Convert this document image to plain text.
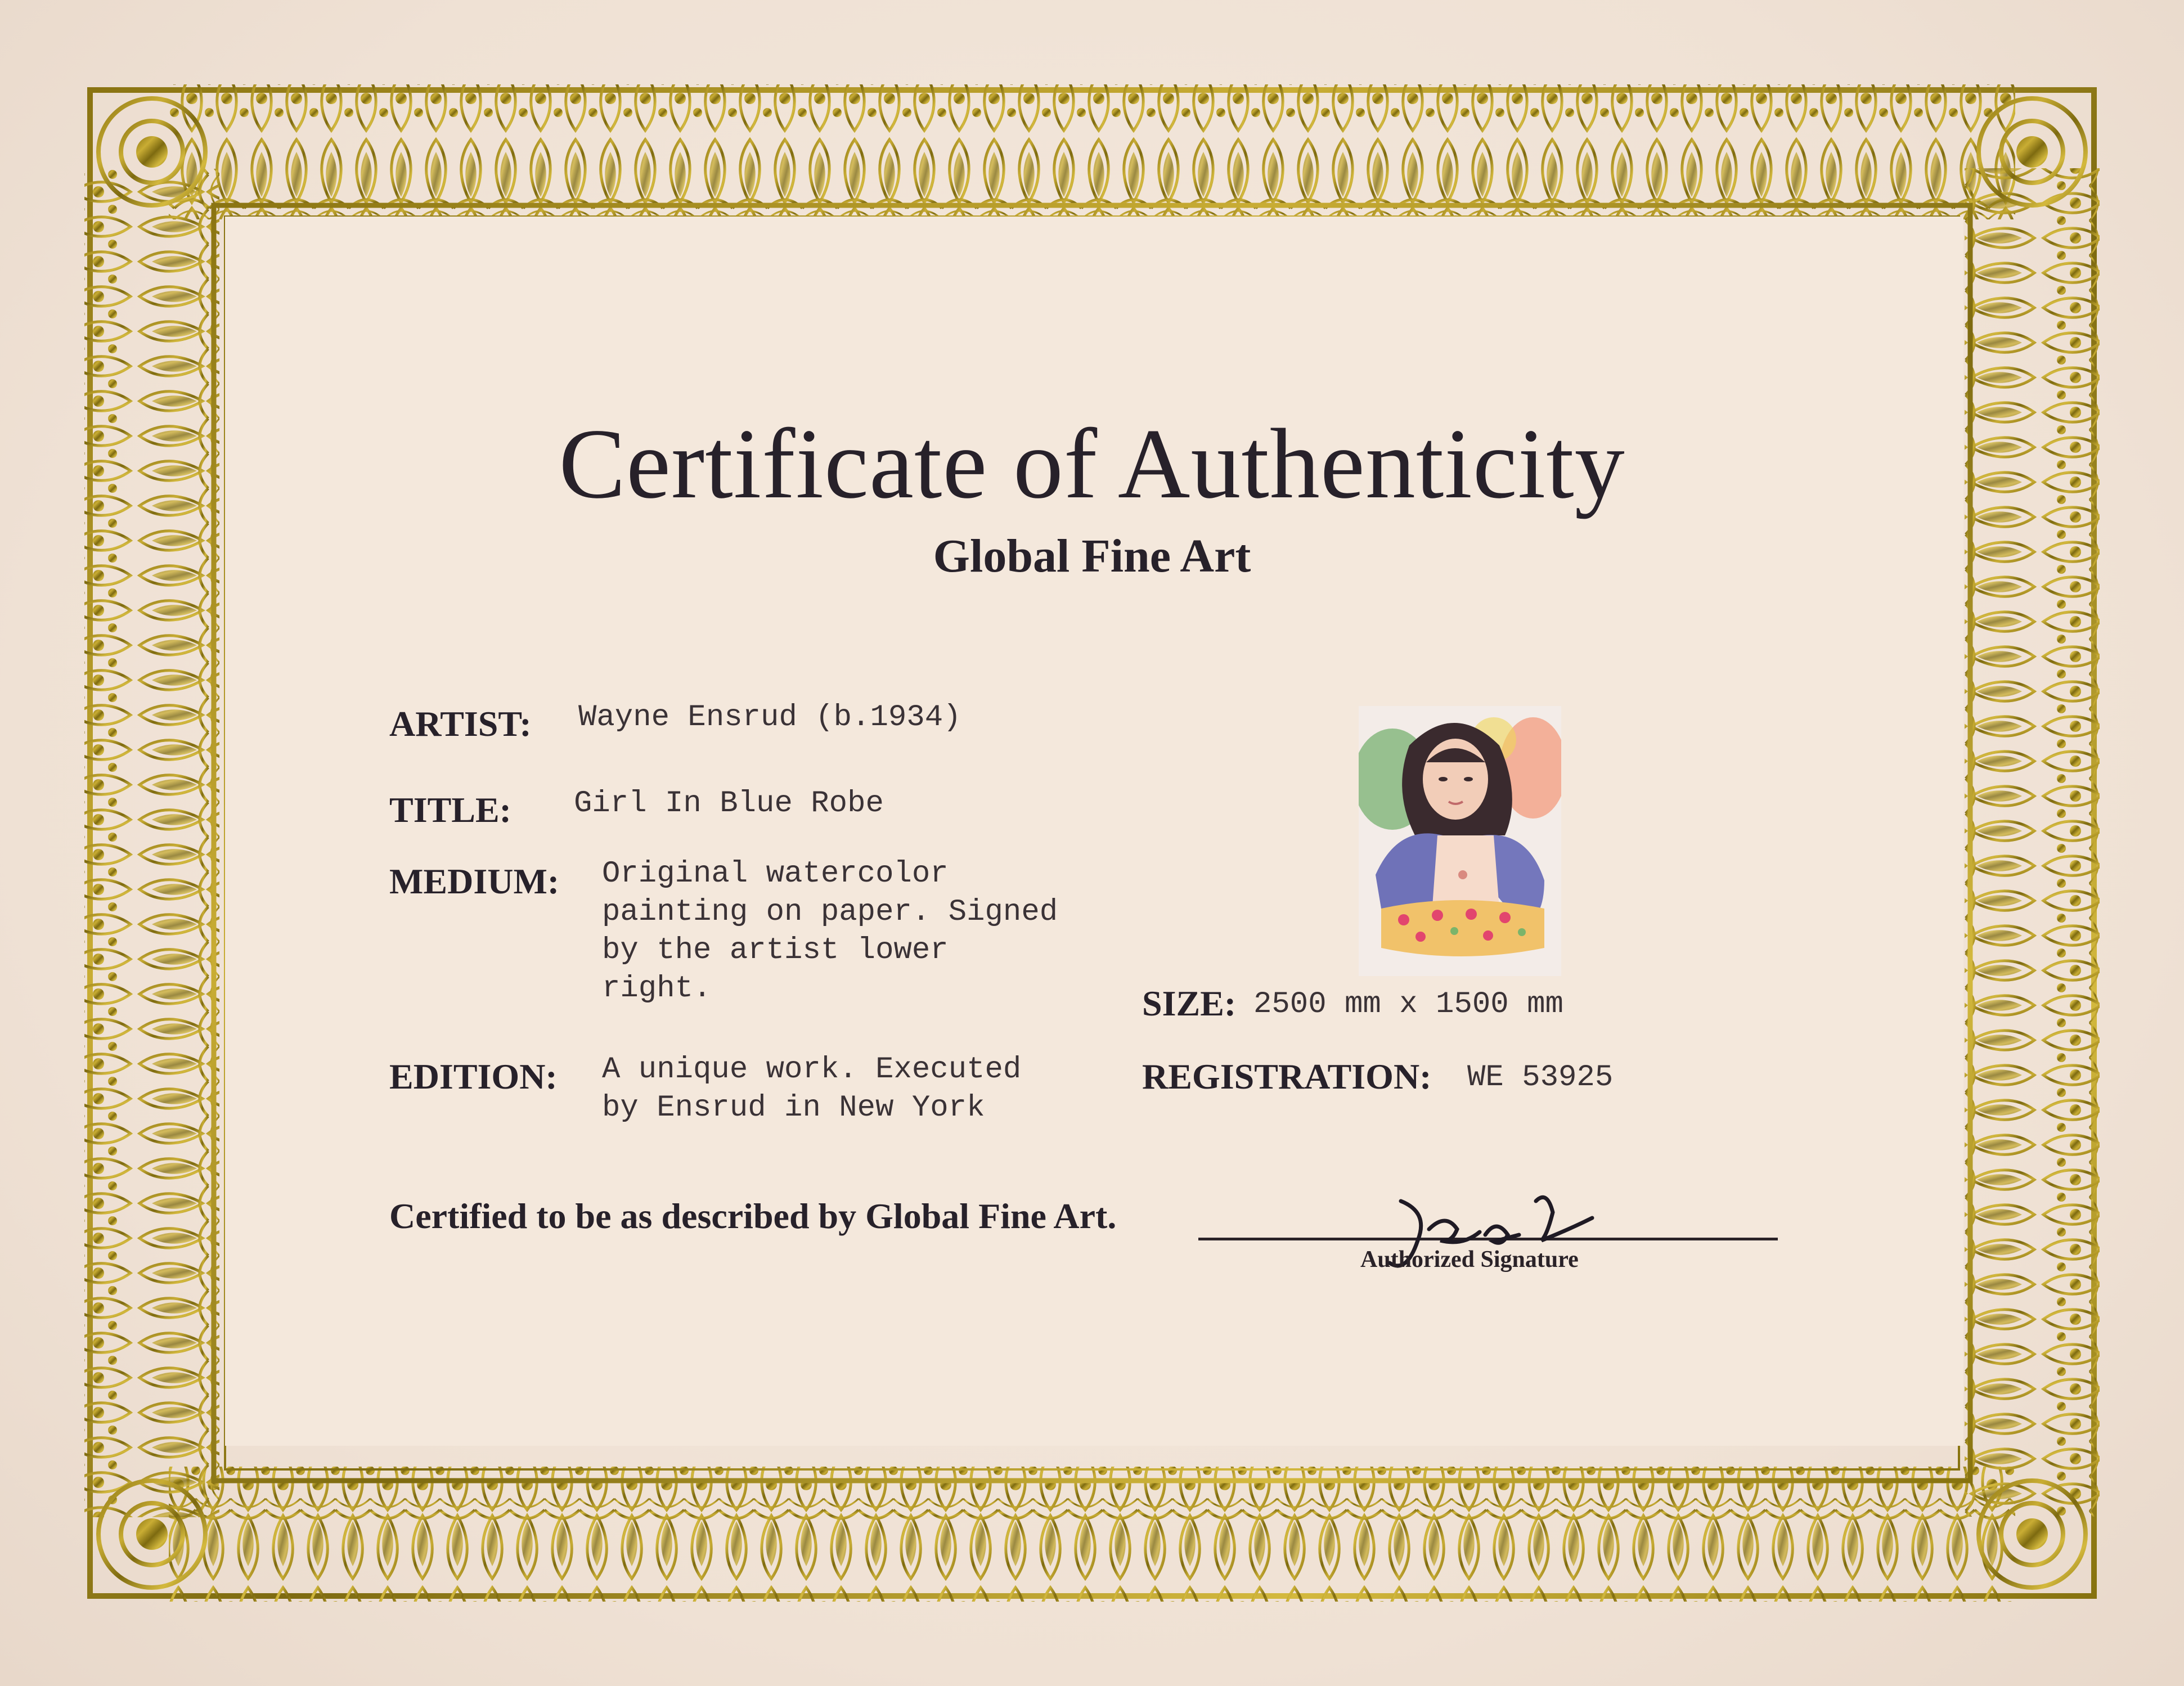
Certificate of Authenticity
Global Fine Art
ARTIST: Wayne Ensrud (b.1934)
TITLE: Girl In Blue Robe
MEDIUM: Original watercolor
painting on paper. Signed
by the artist lower
right.
EDITION: A unique work. Executed
by Ensrud in New York
SIZE: 2500 mm x 1500 mm
REGISTRATION: WE 53925
Certified to be as described by Global Fine Art.
Authorized Signature
